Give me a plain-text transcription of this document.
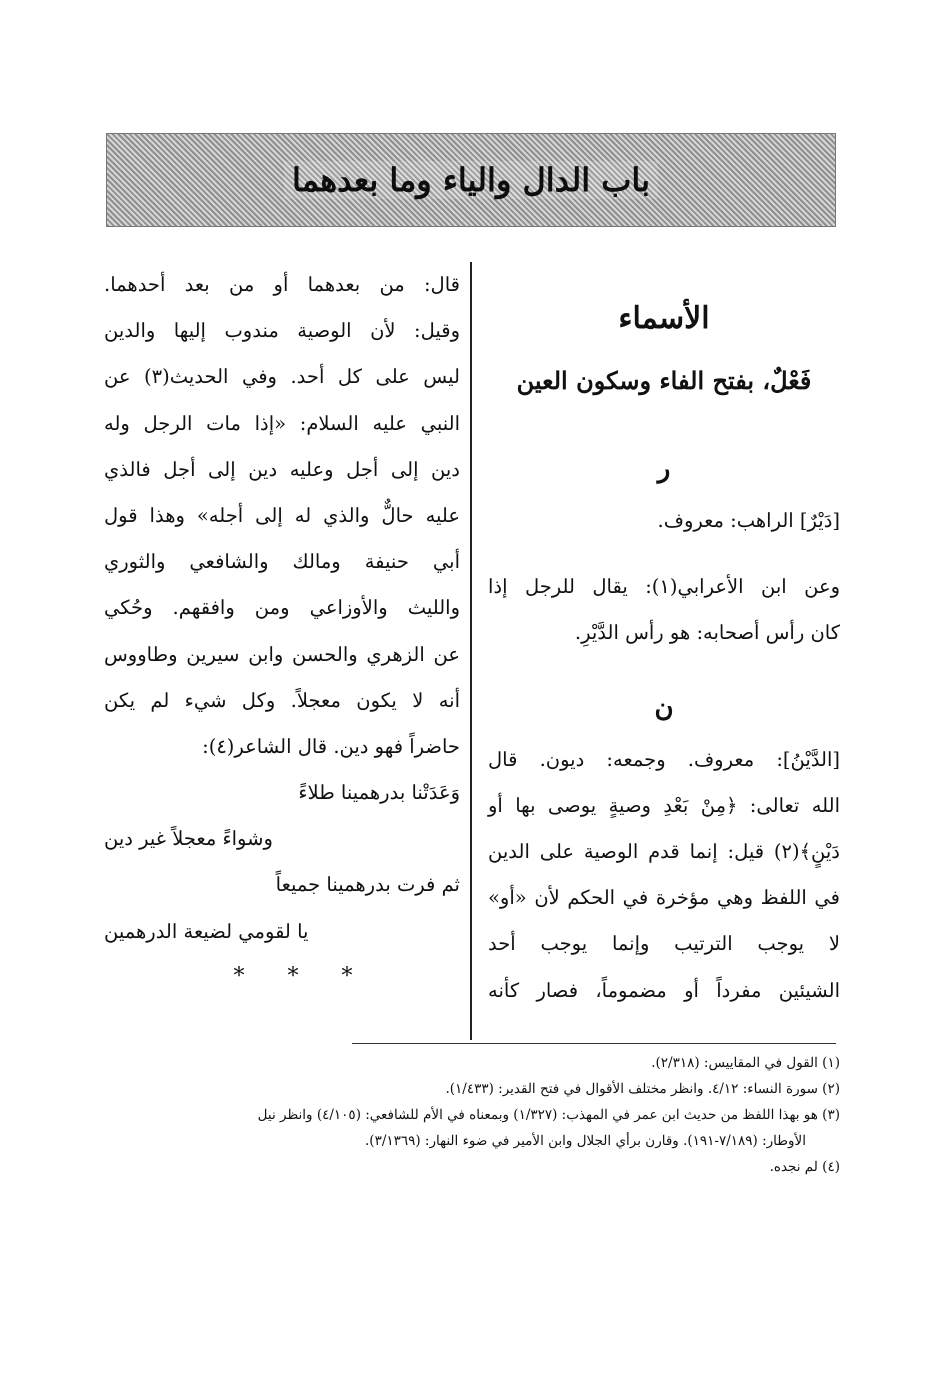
باب الدال والياء وما بعدهما
الأسماء
فَعْلٌ، بفتح الفاء وسكون العين
ر
[دَيْرٌ] الراهب: معروف.
وعن ابن الأعرابي(١): يقال للرجل إذا
كان رأس أصحابه: هو رأس الدَّيْرِ.
ن
[الدَّيْنُ]: معروف. وجمعه: ديون. قال
الله تعالى: ﴿مِنْ بَعْدِ وصيةٍ يوصى بها أو
دَيْنٍ﴾(٢) قيل: إنما قدم الوصية على الدين
في اللفظ وهي مؤخرة في الحكم لأن «أو»
لا يوجب الترتيب وإنما يوجب أحد
الشيئين مفرداً أو مضموماً، فصار كأنه
قال: من بعدهما أو من بعد أحدهما.
وقيل: لأن الوصية مندوب إليها والدين
ليس على كل أحد. وفي الحديث(٣) عن
النبي عليه السلام: «إذا مات الرجل وله
دين إلى أجل وعليه دين إلى أجل فالذي
عليه حالٌّ والذي له إلى أجله» وهذا قول
أبي حنيفة ومالك والشافعي والثوري
والليث والأوزاعي ومن وافقهم. وحُكي
عن الزهري والحسن وابن سيرين وطاووس
أنه لا يكون معجلاً. وكل شيء لم يكن
حاضراً فهو دين. قال الشاعر(٤):
وَعَدَتْنا بدرهمينا طلاءً
وشواءً معجلاً غير دين
ثم فرت بدرهمينا جميعاً
يا لقومي لضيعة الدرهمين
* * *
(١) القول في المقاييس: (٢/٣١٨).
(٢) سورة النساء: ٤/١٢. وانظر مختلف الأقوال في فتح القدير: (١/٤٣٣).
(٣) هو بهذا اللفظ من حديث ابن عمر في المهذب: (١/٣٢٧) وبمعناه في الأم للشافعي: (٤/١٠٥) وانظر نيل
الأوطار: (٧/١٨٩-١٩١). وقارن برأي الجلال وابن الأمير في ضوء النهار: (٣/١٣٦٩).
(٤) لم نجده.
